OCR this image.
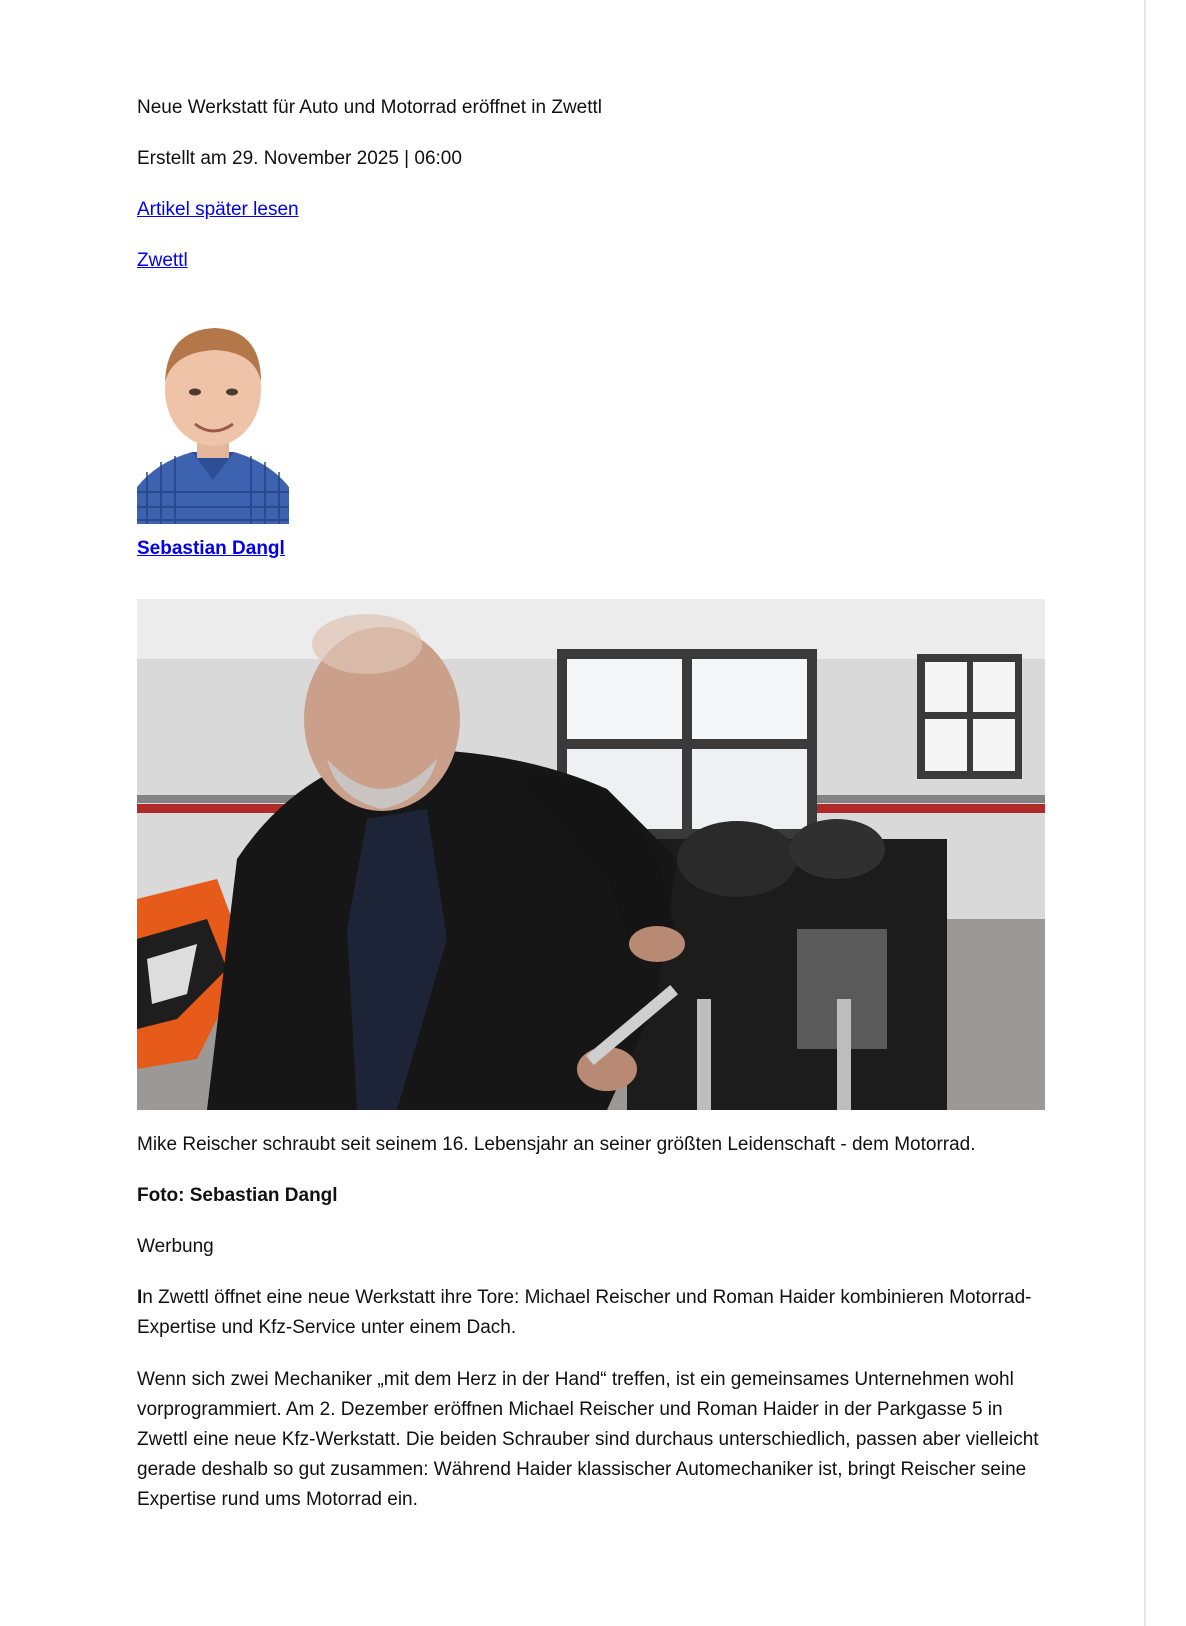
Neue Werkstatt für Auto und Motorrad eröffnet in Zwettl

Erstellt am 29. November 2025 | 06:00

Artikel später lesen

Zwettl

Sebastian Dangl

Mike Reischer schraubt seit seinem 16. Lebensjahr an seiner größten Leidenschaft - dem Motorrad.

Foto: Sebastian Dangl

Werbung

In Zwettl öffnet eine neue Werkstatt ihre Tore: Michael Reischer und Roman Haider kombinieren Motorrad-Expertise und Kfz-Service unter einem Dach.

Wenn sich zwei Mechaniker „mit dem Herz in der Hand“ treffen, ist ein gemeinsames Unternehmen wohl vorprogrammiert. Am 2. Dezember eröffnen Michael Reischer und Roman Haider in der Parkgasse 5 in Zwettl eine neue Kfz-Werkstatt. Die beiden Schrauber sind durchaus unterschiedlich, passen aber vielleicht gerade deshalb so gut zusammen: Während Haider klassischer Automechaniker ist, bringt Reischer seine Expertise rund ums Motorrad ein.
